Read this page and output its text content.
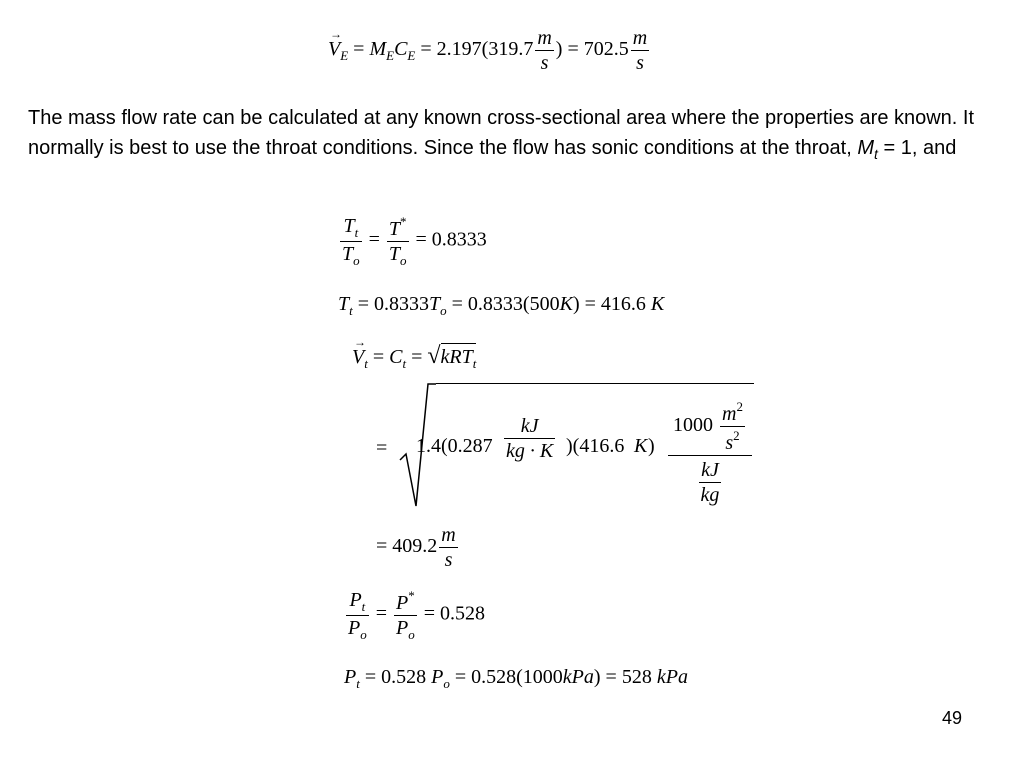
→ $V_E = M_EC_E = 2.197(319.7 \frac{m}{s}$ ) = $702.5 \frac{m}{s}$
The mass flow rate can be calculated at any known cross-sectional area where the properties are known. It normally is best to use the throat conditions. Since the flow has sonic conditions at the throat, $M_t = 1$, and
$\frac{T_t}{T_o} = \frac{T^*}{T_o} = 0.8333$
$T_t = 0.8333T_o = 0.8333(500K) = 416.6$ K
→ $V_t = C_t = √kRT_t$
= $1.4(0.287 \frac{kJ}{kg \cdot K} )(416.6$ K )
$1000 \frac{m^2}{s^2}$
$\frac{kJ}{kg}$
= $409.2 \frac{m}{s}$
$\frac{P_t}{P_o} = \frac{P^*}{P_o} = 0.528$
$P_t = 0.528$ $P_o = 0.528(1000kPa) = 528$ kPa
49
